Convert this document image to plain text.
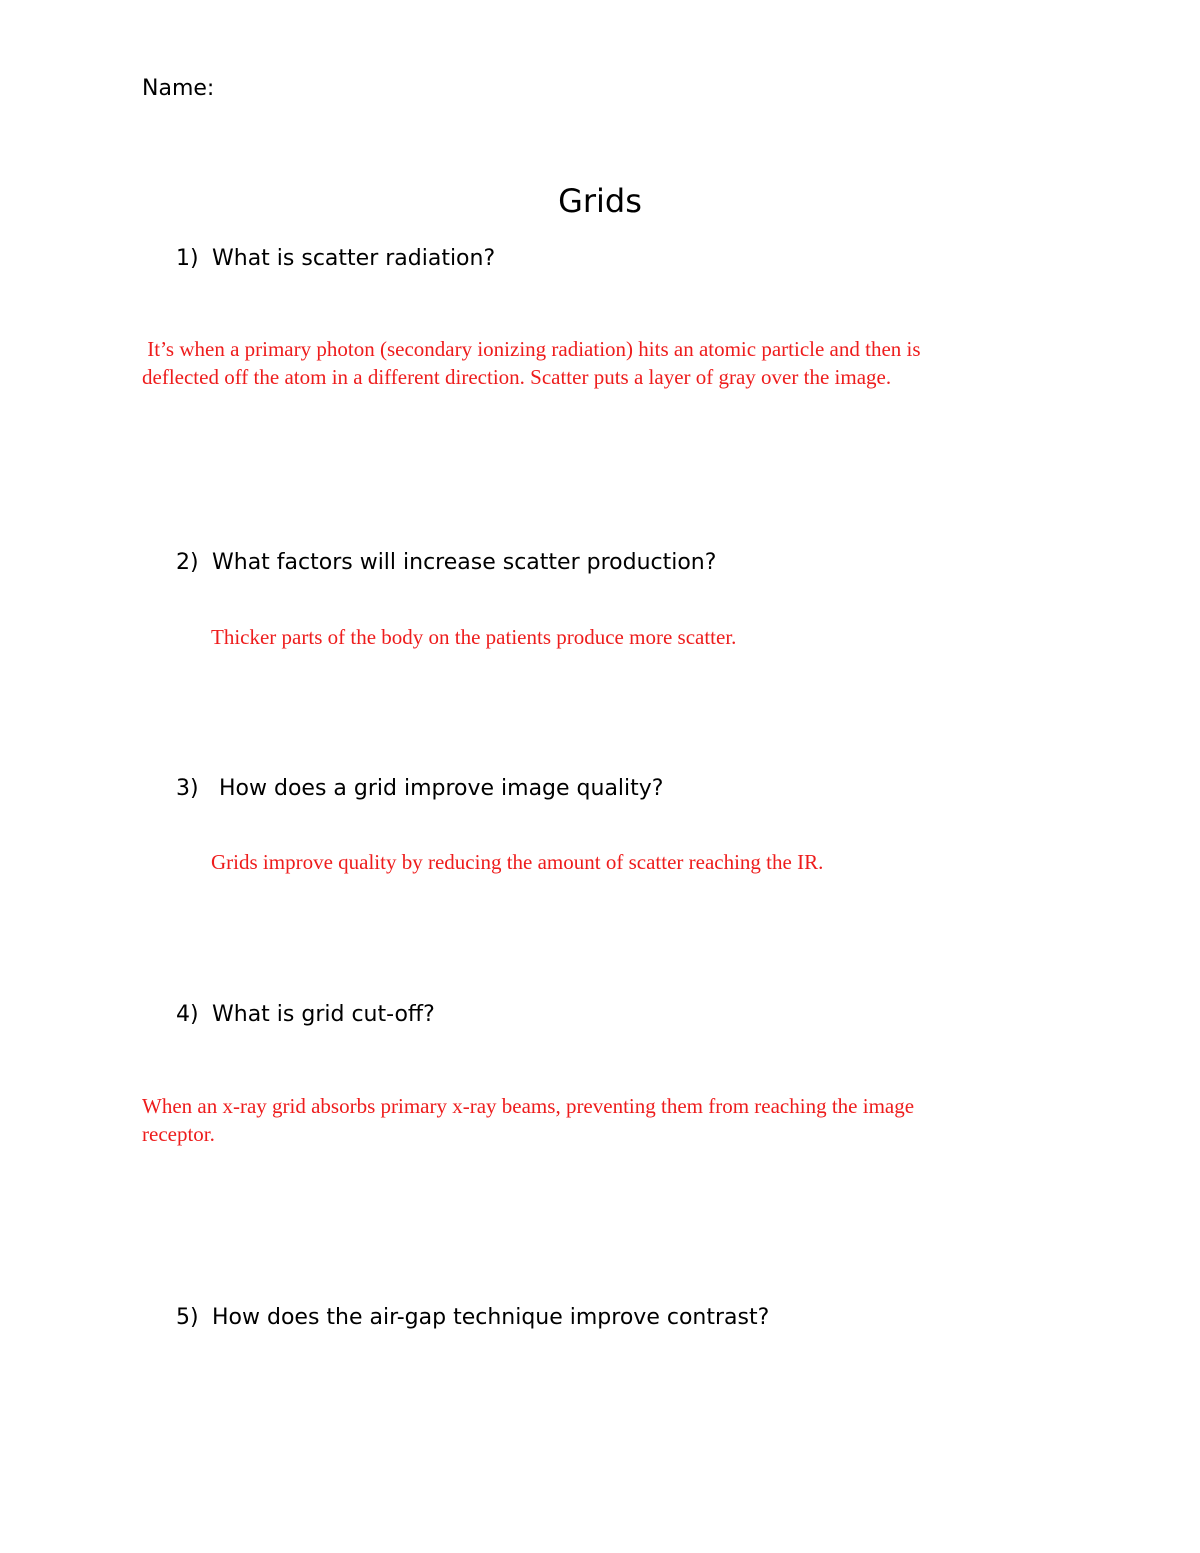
Name:
Grids
1) What is scatter radiation?
It’s when a primary photon (secondary ionizing radiation) hits an atomic particle and then is
deflected off the atom in a different direction. Scatter puts a layer of gray over the image.
2) What factors will increase scatter production?
Thicker parts of the body on the patients produce more scatter.
3) How does a grid improve image quality?
Grids improve quality by reducing the amount of scatter reaching the IR.
4) What is grid cut-off?
When an x-ray grid absorbs primary x-ray beams, preventing them from reaching the image
receptor.
5) How does the air-gap technique improve contrast?
